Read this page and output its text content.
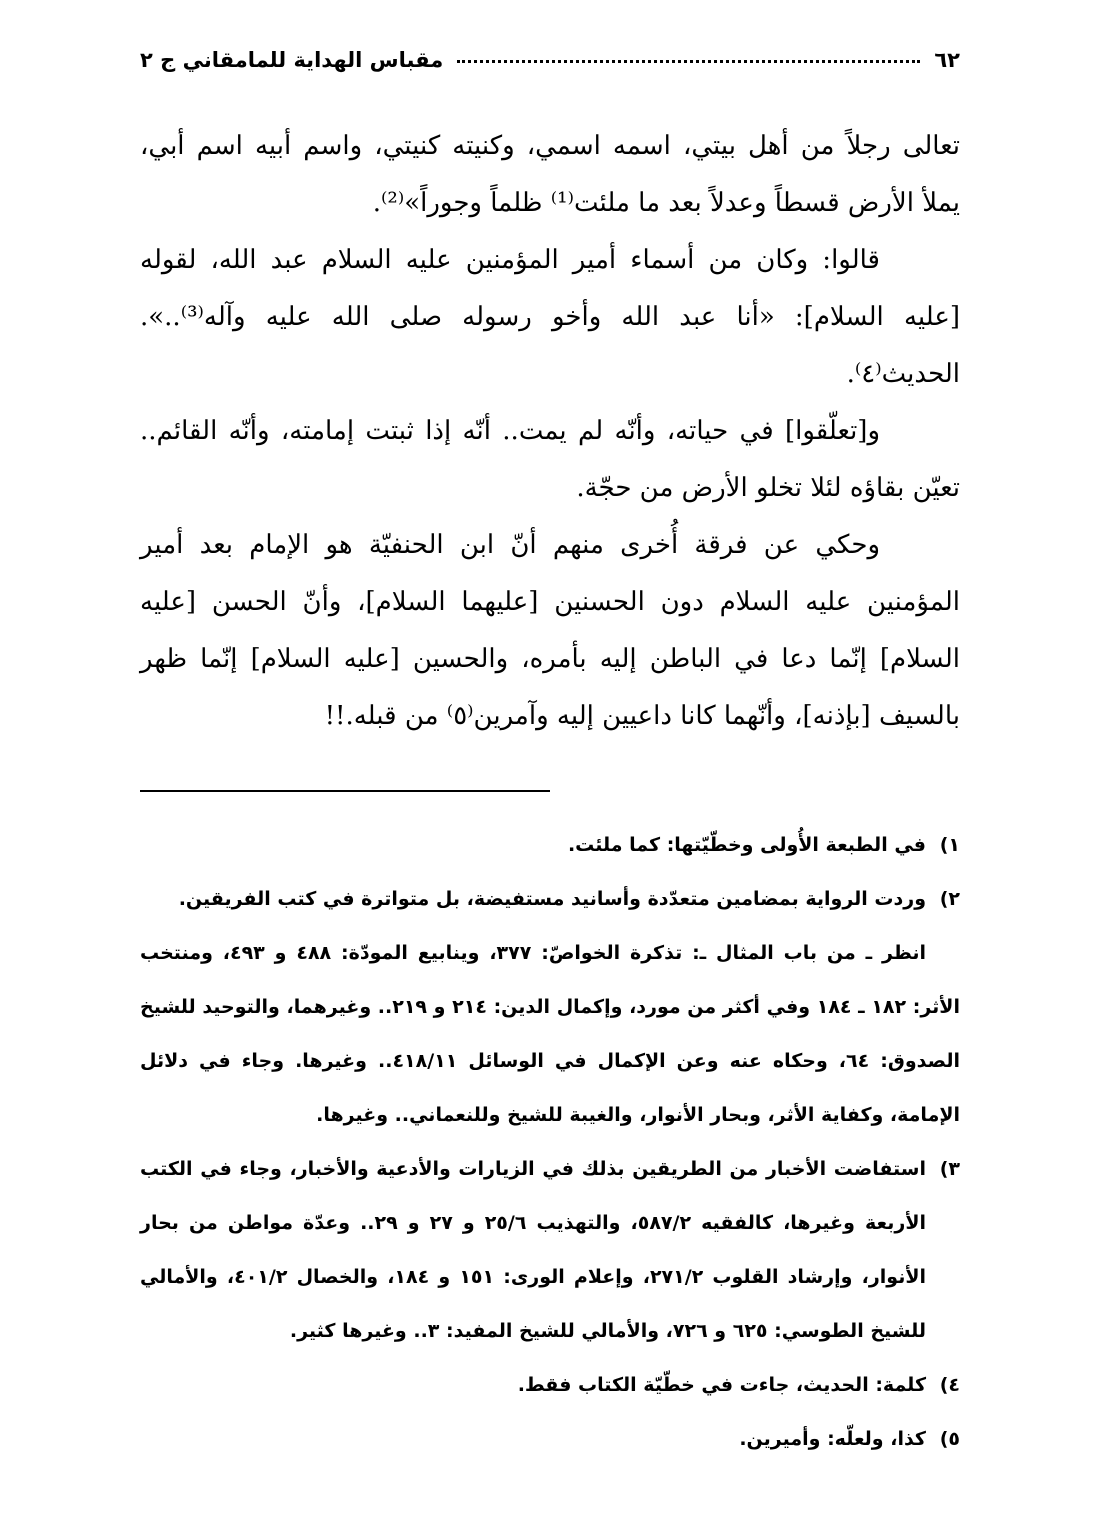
٦٢
مقباس الهداية للمامقاني ج ٢

تعالى رجلاً من أهل بيتي، اسمه اسمي، وكنيته كنيتي، واسم أبيه اسم أبي، يملأ الأرض قسطاً وعدلاً بعد ما ملئت⁽¹⁾ ظلماً وجوراً»⁽²⁾.

قالوا: وكان من أسماء أمير المؤمنين عليه السلام عبد الله، لقوله [عليه السلام]: «أنا عبد الله وأخو رسوله صلى الله عليه وآله⁽³⁾..». الحديث⁽٤⁾.

و[تعلّقوا] في حياته، وأنّه لم يمت.. أنّه إذا ثبتت إمامته، وأنّه القائم.. تعيّن بقاؤه لئلا تخلو الأرض من حجّة.

وحكي عن فرقة أُخرى منهم أنّ ابن الحنفيّة هو الإمام بعد أمير المؤمنين عليه السلام دون الحسنين [عليهما السلام]، وأنّ الحسن [عليه السلام] إنّما دعا في الباطن إليه بأمره، والحسين [عليه السلام] إنّما ظهر بالسيف [بإذنه]، وأنّهما كانا داعيين إليه وآمرين⁽٥⁾ من قبله.!!

١)
في الطبعة الأُولى وخطّيّتها: كما ملئت.
٢)
وردت الرواية بمضامين متعدّدة وأسانيد مستفيضة، بل متواترة في كتب الفريقين.
انظر ـ من باب المثال ـ: تذكرة الخواصّ: ٣٧٧، وينابيع المودّة: ٤٨٨ و ٤٩٣، ومنتخب الأثر: ١٨٢ ـ ١٨٤ وفي أكثر من مورد، وإكمال الدين: ٢١٤ و ٢١٩.. وغيرهما، والتوحيد للشيخ الصدوق: ٦٤، وحكاه عنه وعن الإكمال في الوسائل ٤١٨/١١.. وغيرها. وجاء في دلائل الإمامة، وكفاية الأثر، وبحار الأنوار، والغيبة للشيخ وللنعماني.. وغيرها.
٣)
استفاضت الأخبار من الطريقين بذلك في الزيارات والأدعية والأخبار، وجاء في الكتب الأربعة وغيرها، كالفقيه ٥٨٧/٢، والتهذيب ٢٥/٦ و ٢٧ و ٢٩.. وعدّة مواطن من بحار الأنوار، وإرشاد القلوب ٢٧١/٢، وإعلام الورى: ١٥١ و ١٨٤، والخصال ٤٠١/٢، والأمالي للشيخ الطوسي: ٦٢٥ و ٧٢٦، والأمالي للشيخ المفيد: ٣.. وغيرها كثير.
٤)
كلمة: الحديث، جاءت في خطّيّة الكتاب فقط.
٥)
كذا، ولعلّه: وأميرين.
